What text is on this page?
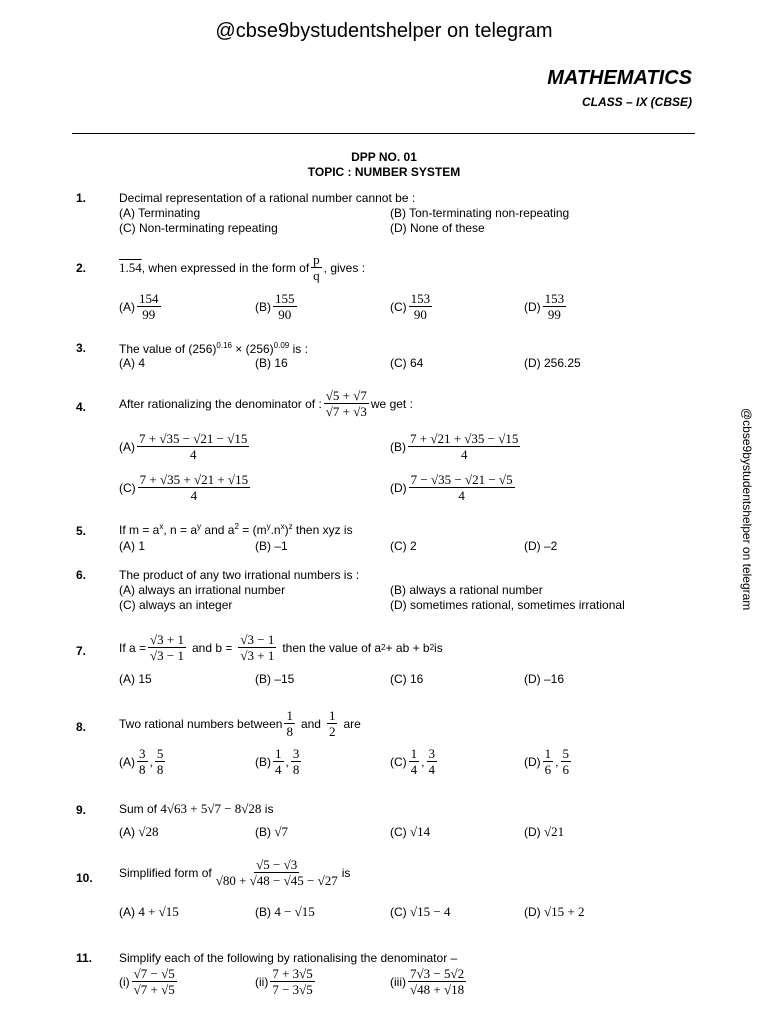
@cbse9bystudentshelper on telegram
MATHEMATICS
CLASS – IX (CBSE)
DPP NO. 01
TOPIC : NUMBER SYSTEM
@cbse9bystudentshelper on telegram
1.	Decimal representation of a rational number cannot be :
(A) Terminating	(B) Ton-terminating non-repeating
(C) Non-terminating repeating	(D) None of these
2.	1.54 , when expressed in the form of $\frac{p}{q}$ , gives :
$(A) \frac{154}{99}$	$(B) \frac{155}{90}$	$(C) \frac{153}{90}$	$(D) \frac{153}{99}$
3.	The value of $(256)^{0.16} \times (256)^{0.09}$ is :
(A) 4	(B) 16	(C) 64	(D) 256.25
4.	After rationalizing the denominator of : $\frac{√5 + √7}{√7 + √3}$ we get :
$(A) \frac{7 + √35 - √21 - √15}{4}$	$(B) \frac{7 + √21 + √35 - √15}{4}$
$(C) \frac{7 + √35 + √21 + √15}{4}$	$(D) \frac{7 - √35 - √21 - √5}{4}$
5.	If $m = a^x$, $n = a^y$ and $a^2 = (m^y.n^x)^z$ then xyz is
(A) 1	(B) –1	(C) 2	(D) –2
6.	The product of any two irrational numbers is :
(A) always an irrational number	(B) always a rational number
(C) always an integer	(D) sometimes rational, sometimes irrational
7.	If $a = \frac{√3 + 1}{√3 - 1}$ and $b = \frac{√3 - 1}{√3 + 1}$ then the value of a 2 + ab + b 2 is
(A) 15	(B) –15	(C) 16	(D) –16
8.	Two rational numbers between $\frac{1}{8}$ and $\frac{1}{2}$ are
$(A) \frac{3}{8}$ , $\frac{5}{8}$	$(B) \frac{1}{4}$ , $\frac{3}{8}$	$(C) \frac{1}{4}$ , $\frac{3}{4}$	$(D) \frac{1}{6}$ , $\frac{5}{6}$
9.	Sum of 4√63 + 5√7 − 8√28 is
(A) √28	(B) √7	(C) √14	(D) √21
10. Simplified form of $\frac{√5 - √3}{√80 + √48 - √45 - √27}$ is
(A) 4 + √15	(B) 4 − √15	(C) √15 − 4	(D) √15 + 2
11. Simplify each of the following by rationalising the denominator –
$(i) \frac{√7 - √5}{√7 + √5}$	$(ii) \frac{7 + 3√5}{7 - 3√5}$	$(iii) \frac{7√3 - 5√2}{√48 + √18}$
